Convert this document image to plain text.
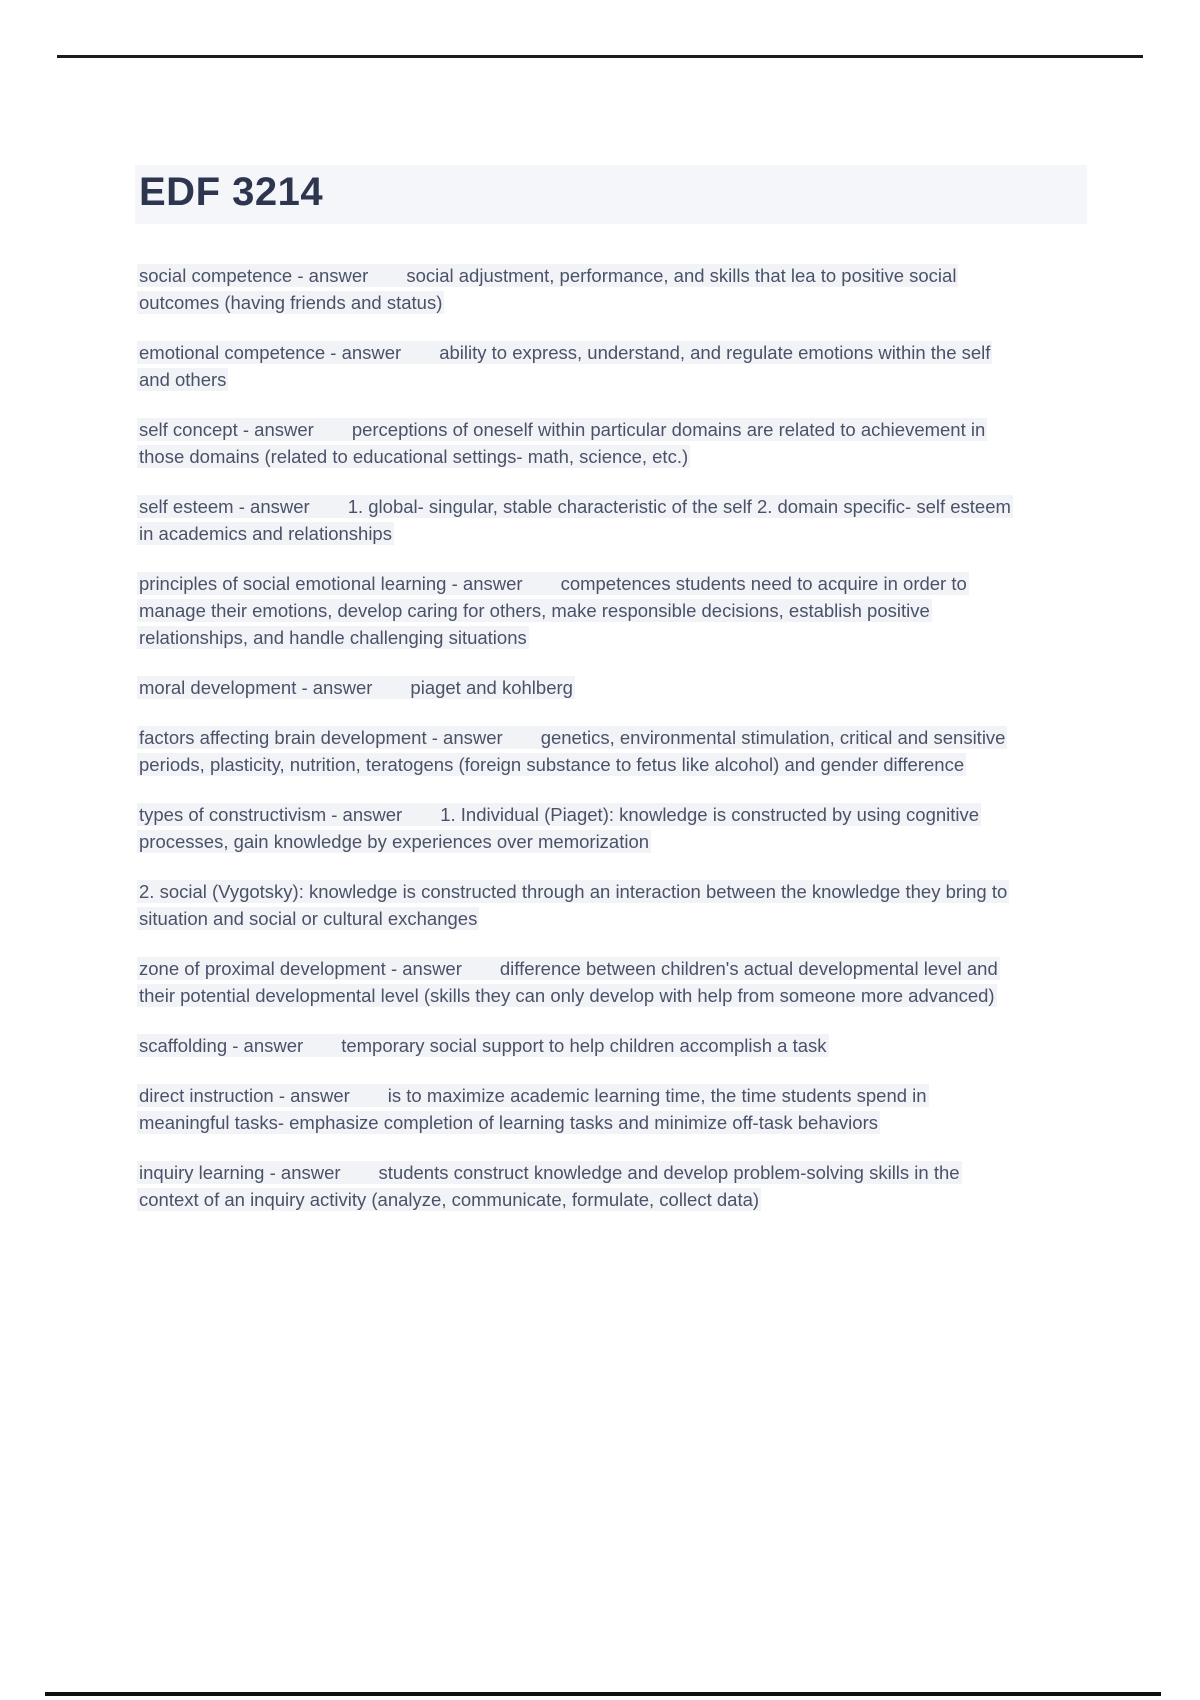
EDF 3214

social competence - answer social adjustment, performance, and skills that lea to positive social outcomes (having friends and status)

emotional competence - answer ability to express, understand, and regulate emotions within the self and others

self concept - answer perceptions of oneself within particular domains are related to achievement in those domains (related to educational settings- math, science, etc.)

self esteem - answer 1. global- singular, stable characteristic of the self 2. domain specific- self esteem in academics and relationships

principles of social emotional learning - answer competences students need to acquire in order to manage their emotions, develop caring for others, make responsible decisions, establish positive relationships, and handle challenging situations

moral development - answer piaget and kohlberg

factors affecting brain development - answer genetics, environmental stimulation, critical and sensitive periods, plasticity, nutrition, teratogens (foreign substance to fetus like alcohol) and gender difference

types of constructivism - answer 1. Individual (Piaget): knowledge is constructed by using cognitive processes, gain knowledge by experiences over memorization

2. social (Vygotsky): knowledge is constructed through an interaction between the knowledge they bring to situation and social or cultural exchanges

zone of proximal development - answer difference between children's actual developmental level and their potential developmental level (skills they can only develop with help from someone more advanced)

scaffolding - answer temporary social support to help children accomplish a task

direct instruction - answer is to maximize academic learning time, the time students spend in meaningful tasks- emphasize completion of learning tasks and minimize off-task behaviors

inquiry learning - answer students construct knowledge and develop problem-solving skills in the context of an inquiry activity (analyze, communicate, formulate, collect data)
